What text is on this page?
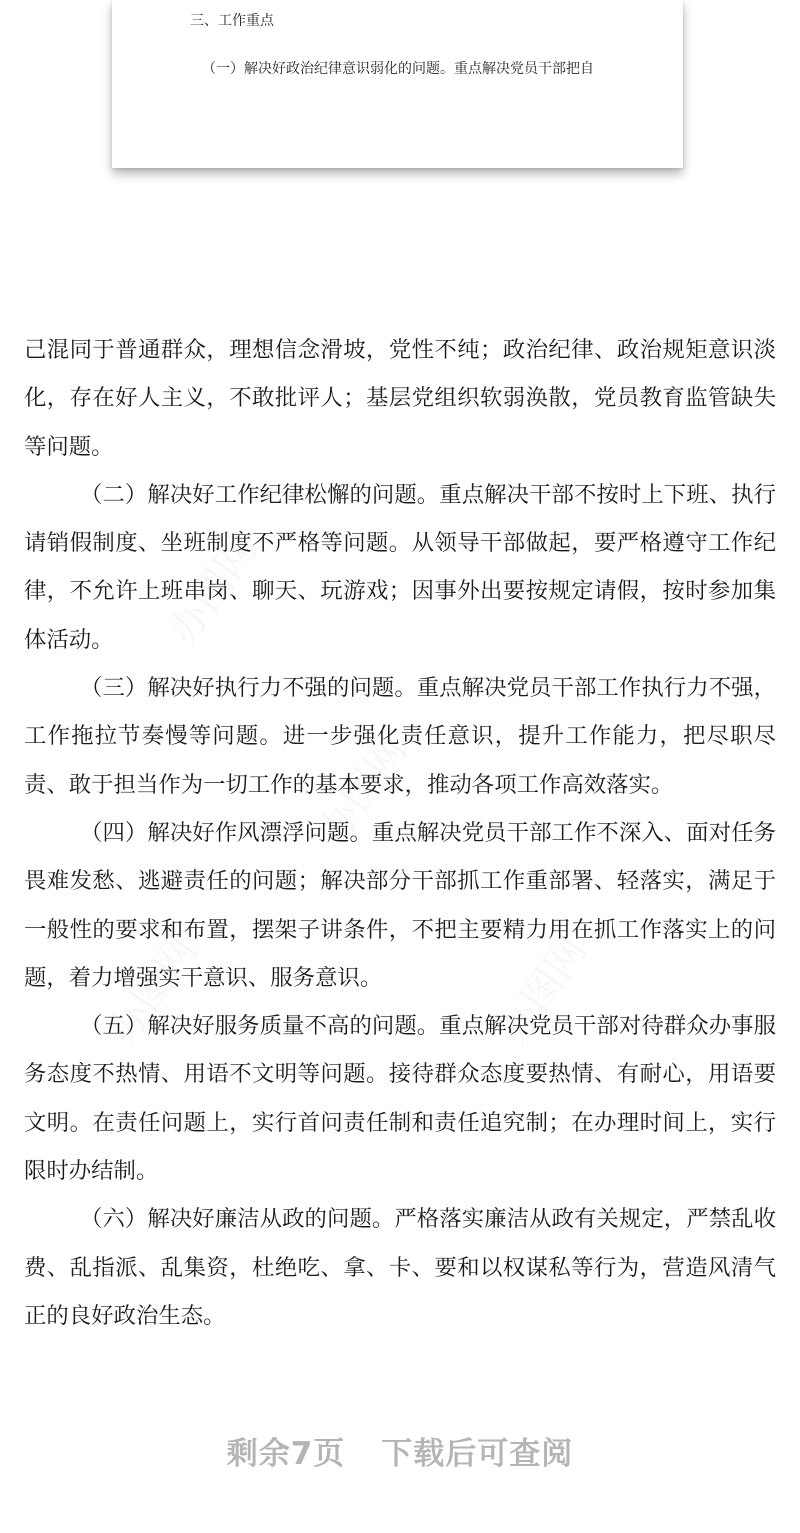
三、工作重点
（一）解决好政治纪律意识弱化的问题。重点解决党员干部把自
办图网
办图网
办图网	办图网

己混同于普通群众，理想信念滑坡，党性不纯；政治纪律、政治规矩意识淡化，存在好人主义，不敢批评人；基层党组织软弱涣散，党员教育监管缺失等问题。

（二）解决好工作纪律松懈的问题。重点解决干部不按时上下班、执行请销假制度、坐班制度不严格等问题。从领导干部做起，要严格遵守工作纪律，不允许上班串岗、聊天、玩游戏；因事外出要按规定请假，按时参加集体活动。

（三）解决好执行力不强的问题。重点解决党员干部工作执行力不强，工作拖拉节奏慢等问题。进一步强化责任意识，提升工作能力，把尽职尽责、敢于担当作为一切工作的基本要求，推动各项工作高效落实。

（四）解决好作风漂浮问题。重点解决党员干部工作不深入、面对任务畏难发愁、逃避责任的问题；解决部分干部抓工作重部署、轻落实，满足于一般性的要求和布置，摆架子讲条件，不把主要精力用在抓工作落实上的问题，着力增强实干意识、服务意识。

（五）解决好服务质量不高的问题。重点解决党员干部对待群众办事服务态度不热情、用语不文明等问题。接待群众态度要热情、有耐心，用语要文明。在责任问题上，实行首问责任制和责任追究制；在办理时间上，实行限时办结制。

（六）解决好廉洁从政的问题。严格落实廉洁从政有关规定，严禁乱收费、乱指派、乱集资，杜绝吃、拿、卡、要和以权谋私等行为，营造风清气正的良好政治生态。

剩余7页 下载后可查阅
